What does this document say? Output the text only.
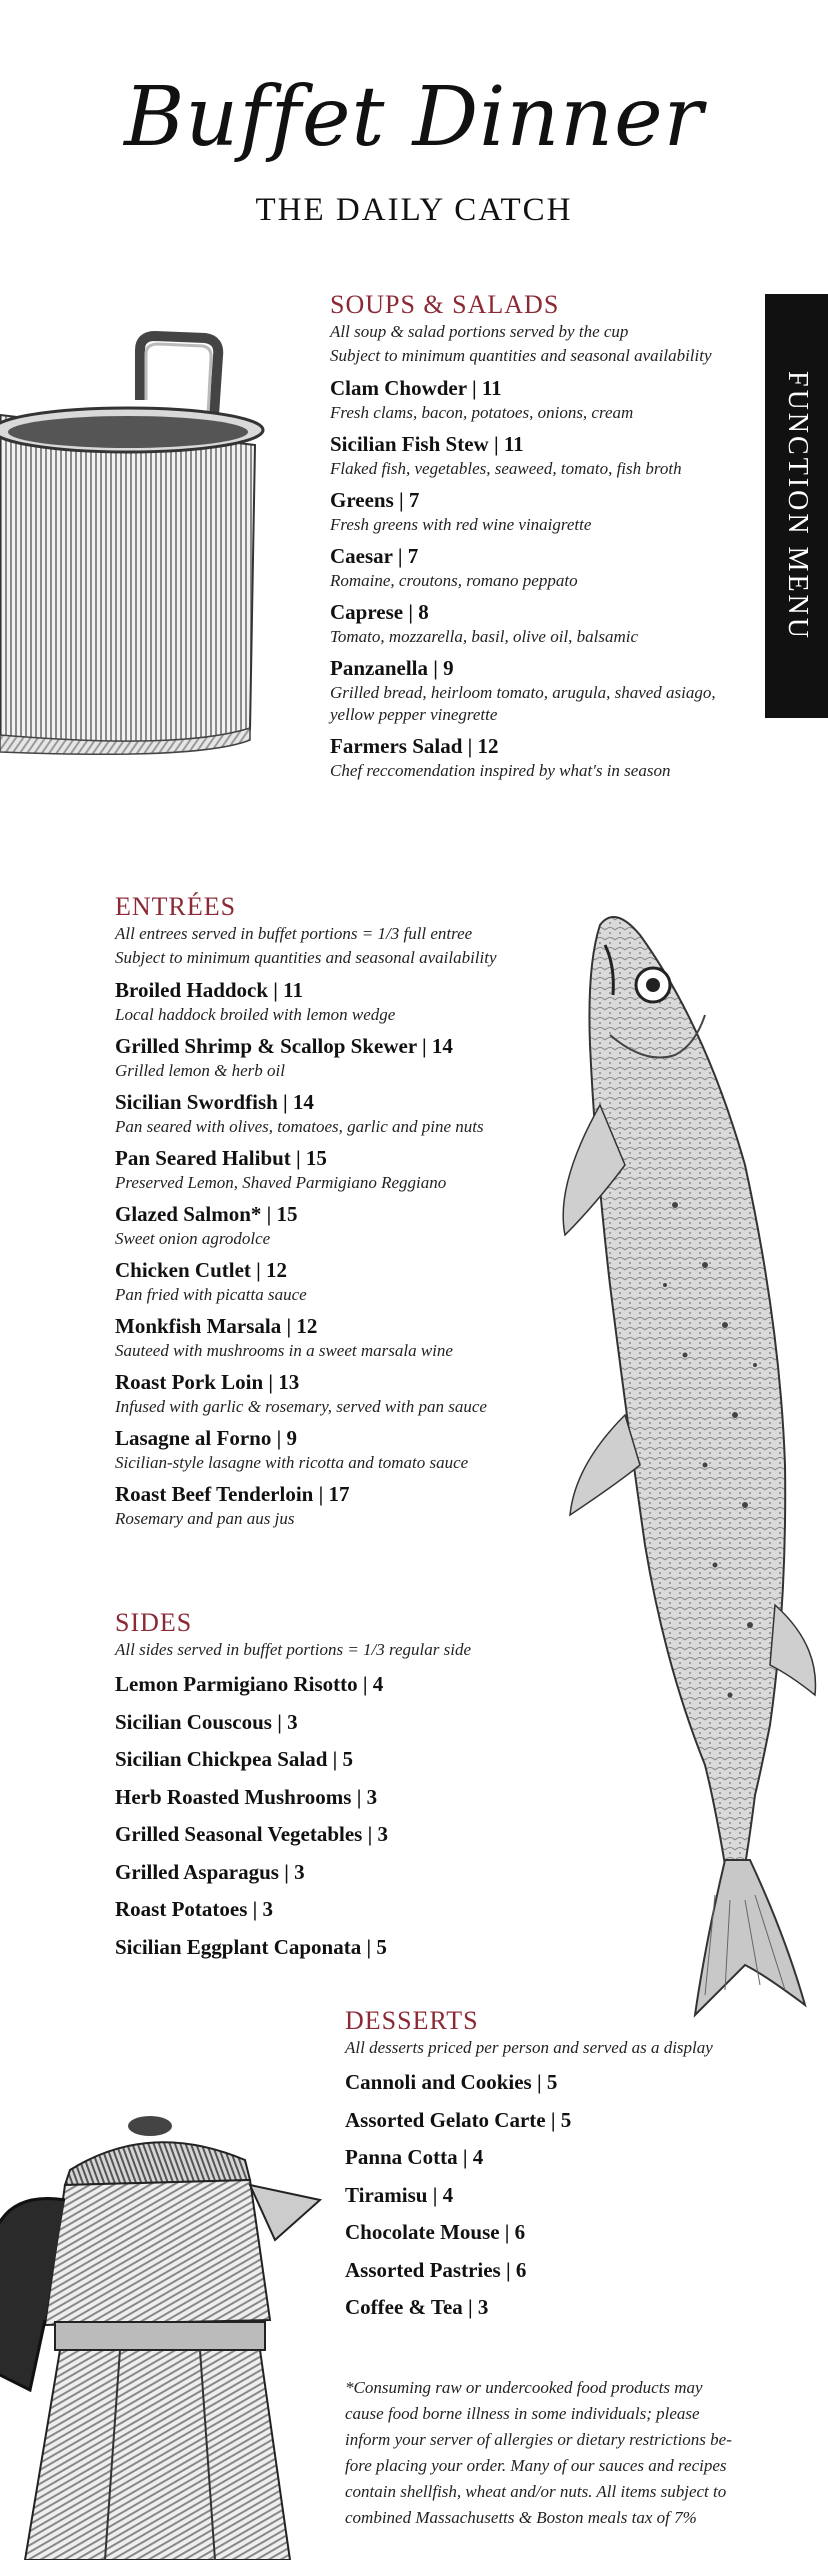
Buffet Dinner
THE DAILY CATCH
FUNCTION MENU
SOUPS & SALADS
All soup & salad portions served by the cup
Subject to minimum quantities and seasonal availability
Clam Chowder | 11
Fresh clams, bacon, potatoes, onions, cream
Sicilian Fish Stew | 11
Flaked fish, vegetables, seaweed, tomato, fish broth
Greens | 7
Fresh greens with red wine vinaigrette
Caesar | 7
Romaine, croutons, romano peppato
Caprese | 8
Tomato, mozzarella, basil, olive oil, balsamic
Panzanella | 9
Grilled bread, heirloom tomato, arugula, shaved asiago, yellow pepper vinegrette
Farmers Salad | 12
Chef reccomendation inspired by what's in season
ENTRÉES
All entrees served in buffet portions = 1/3 full entree
Subject to minimum quantities and seasonal availability
Broiled Haddock | 11
Local haddock broiled with lemon wedge
Grilled Shrimp & Scallop Skewer | 14
Grilled lemon & herb oil
Sicilian Swordfish | 14
Pan seared with olives, tomatoes, garlic and pine nuts
Pan Seared Halibut | 15
Preserved Lemon, Shaved Parmigiano Reggiano
Glazed Salmon* | 15
Sweet onion agrodolce
Chicken Cutlet | 12
Pan fried with picatta sauce
Monkfish Marsala | 12
Sauteed with mushrooms in a sweet marsala wine
Roast Pork Loin | 13
Infused with garlic & rosemary, served with pan sauce
Lasagne al Forno | 9
Sicilian-style lasagne with ricotta and tomato sauce
Roast Beef Tenderloin | 17
Rosemary and pan aus jus
SIDES
All sides served in buffet portions = 1/3 regular side
Lemon Parmigiano Risotto | 4
Sicilian Couscous | 3
Sicilian Chickpea Salad | 5
Herb Roasted Mushrooms | 3
Grilled Seasonal Vegetables | 3
Grilled Asparagus | 3
Roast Potatoes | 3
Sicilian Eggplant Caponata | 5
DESSERTS
All desserts priced per person and served as a display
Cannoli and Cookies | 5
Assorted Gelato Carte | 5
Panna Cotta | 4
Tiramisu | 4
Chocolate Mouse | 6
Assorted Pastries | 6
Coffee & Tea | 3
*Consuming raw or undercooked food products may
cause food borne illness in some individuals; please
inform your server of allergies or dietary restrictions be-
fore placing your order. Many of our sauces and recipes
contain shellfish, wheat and/or nuts. All items subject to
combined Massachusetts & Boston meals tax of 7%
